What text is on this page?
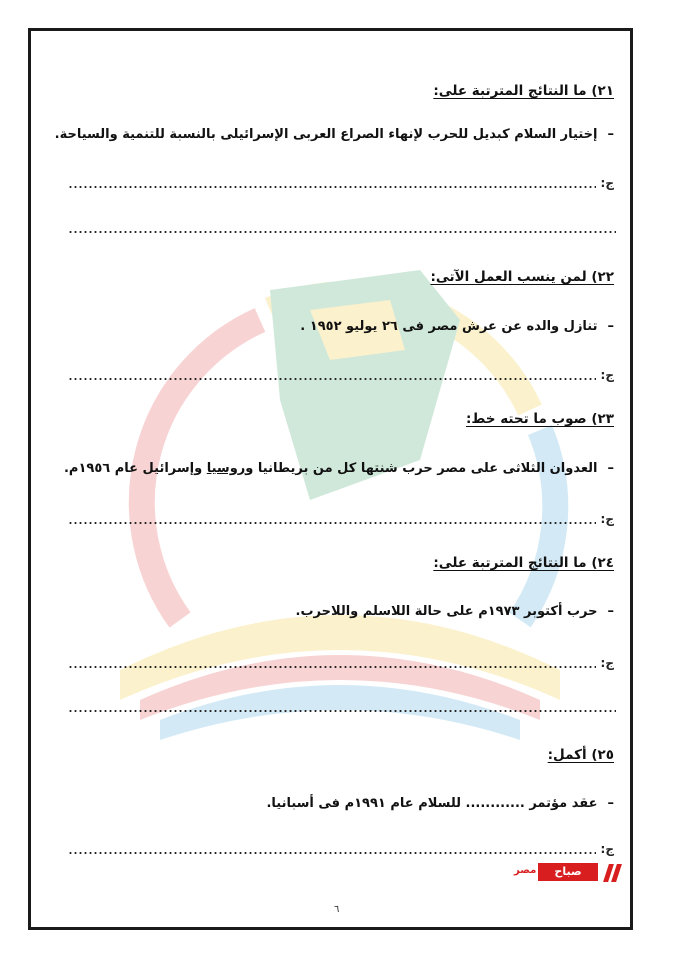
٢١) ما النتائج المترتبة على:
–إختيار السلام كبديل للحرب لإنهاء الصراع العربى الإسرائيلى بالنسبة للتنمية والسياحة.
ج:
٢٢) لمن ينسب العمل الآتى:
–تنازل والده عن عرش مصر فى ٢٦ يوليو ١٩٥٢ .
ج:
٢٣) صوب ما تحته خط:
–العدوان الثلاثى على مصر حرب شنتها كل من بريطانيا وروسيا وإسرائيل عام ١٩٥٦م.
ج:
٢٤) ما النتائج المترتبة على:
–حرب أكتوبر ١٩٧٣م على حالة اللاسلم واللاحرب.
ج:
٢٥) أكمل:
–عقد مؤتمر ............ للسلام عام ١٩٩١م فى أسبانيا.
ج:
صباح
مصر
٦
